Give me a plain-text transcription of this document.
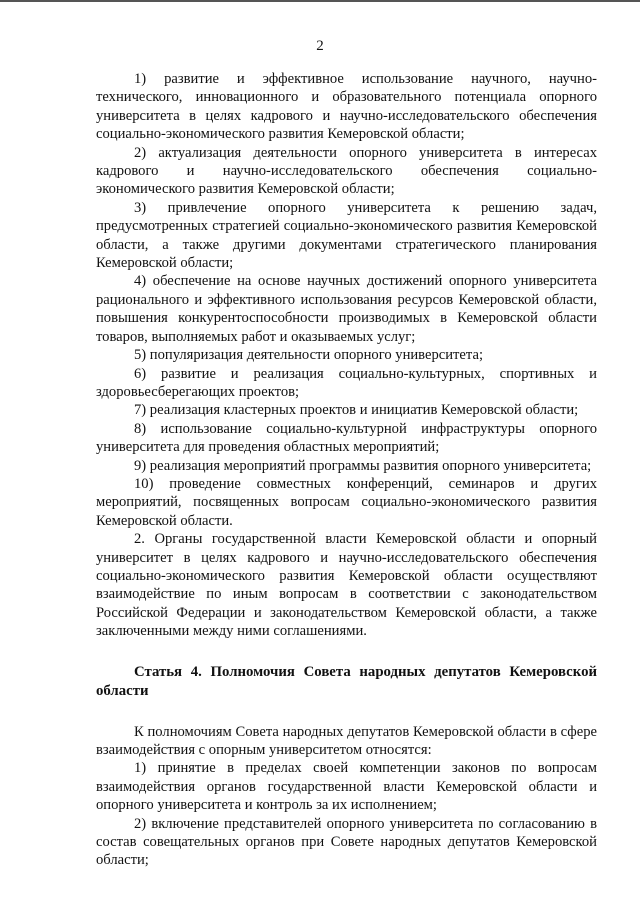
2

1) развитие и эффективное использование научного, научно-технического, инновационного и образовательного потенциала опорного университета в целях кадрового и научно-исследовательского обеспечения социально-экономического развития Кемеровской области;

2) актуализация деятельности опорного университета в интересах кадрового и научно-исследовательского обеспечения социально-экономического развития Кемеровской области;

3) привлечение опорного университета к решению задач, предусмотренных стратегией социально-экономического развития Кемеровской области, а также другими документами стратегического планирования Кемеровской области;

4) обеспечение на основе научных достижений опорного университета рационального и эффективного использования ресурсов Кемеровской области, повышения конкурентоспособности производимых в Кемеровской области товаров, выполняемых работ и оказываемых услуг;

5) популяризация деятельности опорного университета;

6) развитие и реализация социально-культурных, спортивных и здоровьесберегающих проектов;

7) реализация кластерных проектов и инициатив Кемеровской области;

8) использование социально-культурной инфраструктуры опорного университета для проведения областных мероприятий;

9) реализация мероприятий программы развития опорного университета;

10) проведение совместных конференций, семинаров и других мероприятий, посвященных вопросам социально-экономического развития Кемеровской области.

2. Органы государственной власти Кемеровской области и опорный университет в целях кадрового и научно-исследовательского обеспечения социально-экономического развития Кемеровской области осуществляют взаимодействие по иным вопросам в соответствии с законодательством Российской Федерации и законодательством Кемеровской области, а также заключенными между ними соглашениями.

Статья 4. Полномочия Совета народных депутатов Кемеровской области

К полномочиям Совета народных депутатов Кемеровской области в сфере взаимодействия с опорным университетом относятся:

1) принятие в пределах своей компетенции законов по вопросам взаимодействия органов государственной власти Кемеровской области и опорного университета и контроль за их исполнением;

2) включение представителей опорного университета по согласованию в состав совещательных органов при Совете народных депутатов Кемеровской области;
